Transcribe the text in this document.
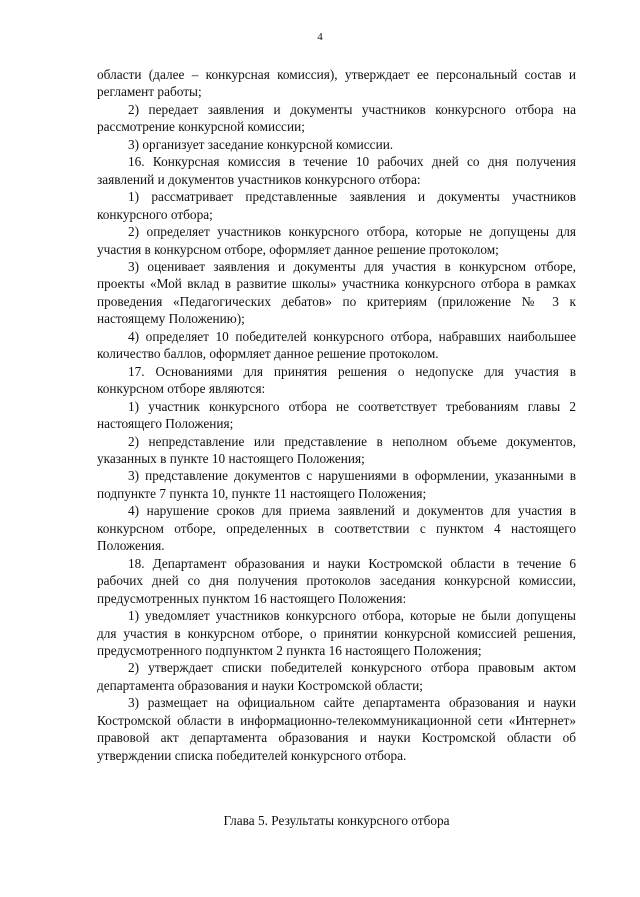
4

области (далее – конкурсная комиссия), утверждает ее персональный состав и регламент работы;

2) передает заявления и документы участников конкурсного отбора на рассмотрение конкурсной комиссии;

3) организует заседание конкурсной комиссии.

16. Конкурсная комиссия в течение 10 рабочих дней со дня получения заявлений и документов участников конкурсного отбора:

1) рассматривает представленные заявления и документы участников конкурсного отбора;

2) определяет участников конкурсного отбора, которые не допущены для участия в конкурсном отборе, оформляет данное решение протоколом;

3) оценивает заявления и документы для участия в конкурсном отборе, проекты «Мой вклад в развитие школы» участника конкурсного отбора в рамках проведения «Педагогических дебатов» по критериям (приложение № 3 к настоящему Положению);

4) определяет 10 победителей конкурсного отбора, набравших наибольшее количество баллов, оформляет данное решение протоколом.

17. Основаниями для принятия решения о недопуске для участия в конкурсном отборе являются:

1) участник конкурсного отбора не соответствует требованиям главы 2 настоящего Положения;

2) непредставление или представление в неполном объеме документов, указанных в пункте 10 настоящего Положения;

3) представление документов с нарушениями в оформлении, указанными в подпункте 7 пункта 10, пункте 11 настоящего Положения;

4) нарушение сроков для приема заявлений и документов для участия в конкурсном отборе, определенных в соответствии с пунктом 4 настоящего Положения.

18. Департамент образования и науки Костромской области в течение 6 рабочих дней со дня получения протоколов заседания конкурсной комиссии, предусмотренных пунктом 16 настоящего Положения:

1) уведомляет участников конкурсного отбора, которые не были допущены для участия в конкурсном отборе, о принятии конкурсной комиссией решения, предусмотренного подпунктом 2 пункта 16 настоящего Положения;

2) утверждает списки победителей конкурсного отбора правовым актом департамента образования и науки Костромской области;

3) размещает на официальном сайте департамента образования и науки Костромской области в информационно-телекоммуникационной сети «Интернет» правовой акт департамента образования и науки Костромской области об утверждении списка победителей конкурсного отбора.

Глава 5. Результаты конкурсного отбора
